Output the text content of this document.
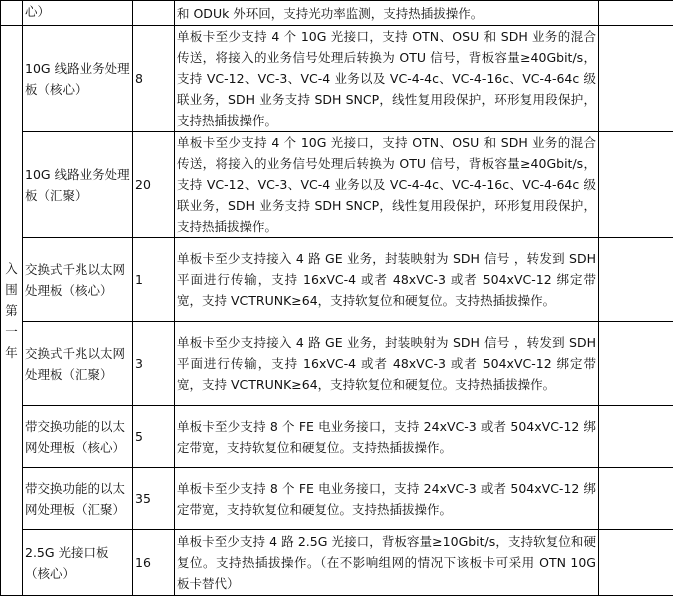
	心）		和 ODUk 外环回，支持光功率监测，支持热插拔操作。	
入围第一年	10G 线路业务处理板（核心）	8	单板卡至少支持 4 个 10G 光接口，支持 OTN、OSU 和 SDH 业务的混合传送，将接入的业务信号处理后转换为 OTU 信号，背板容量≥40Gbit/s，支持 VC-12、VC-3、VC-4 业务以及 VC-4-4c、VC-4-16c、VC-4-64c 级联业务，SDH 业务支持 SDH SNCP，线性复用段保护，环形复用段保护，支持热插拔操作。	
	10G 线路业务处理板（汇聚）	20	单板卡至少支持 4 个 10G 光接口，支持 OTN、OSU 和 SDH 业务的混合传送，将接入的业务信号处理后转换为 OTU 信号，背板容量≥40Gbit/s，支持 VC-12、VC-3、VC-4 业务以及 VC-4-4c、VC-4-16c、VC-4-64c 级联业务，SDH 业务支持 SDH SNCP，线性复用段保护，环形复用段保护，支持热插拔操作。	
	交换式千兆以太网处理板（核心）	1	单板卡至少支持接入 4 路 GE 业务，封装映射为 SDH 信号 ，转发到 SDH 平面进行传输，支持 16xVC-4 或者 48xVC-3 或者 504xVC-12 绑定带宽，支持 VCTRUNK≥64，支持软复位和硬复位。支持热插拔操作。	
	交换式千兆以太网处理板（汇聚）	3	单板卡至少支持接入 4 路 GE 业务，封装映射为 SDH 信号 ，转发到 SDH 平面进行传输，支持 16xVC-4 或者 48xVC-3 或者 504xVC-12 绑定带宽，支持 VCTRUNK≥64，支持软复位和硬复位。支持热插拔操作。	
	带交换功能的以太网处理板（核心）	5	单板卡至少支持 8 个 FE 电业务接口，支持 24xVC-3 或者 504xVC-12 绑定带宽，支持软复位和硬复位。支持热插拔操作。	
	带交换功能的以太网处理板（汇聚）	35	单板卡至少支持 8 个 FE 电业务接口，支持 24xVC-3 或者 504xVC-12 绑定带宽，支持软复位和硬复位。支持热插拔操作。	
	2.5G 光接口板（核心）	16	单板卡至少支持 4 路 2.5G 光接口，背板容量≥10Gbit/s，支持软复位和硬复位。支持热插拔操作。（在不影响组网的情况下该板卡可采用 OTN 10G 板卡替代）	
